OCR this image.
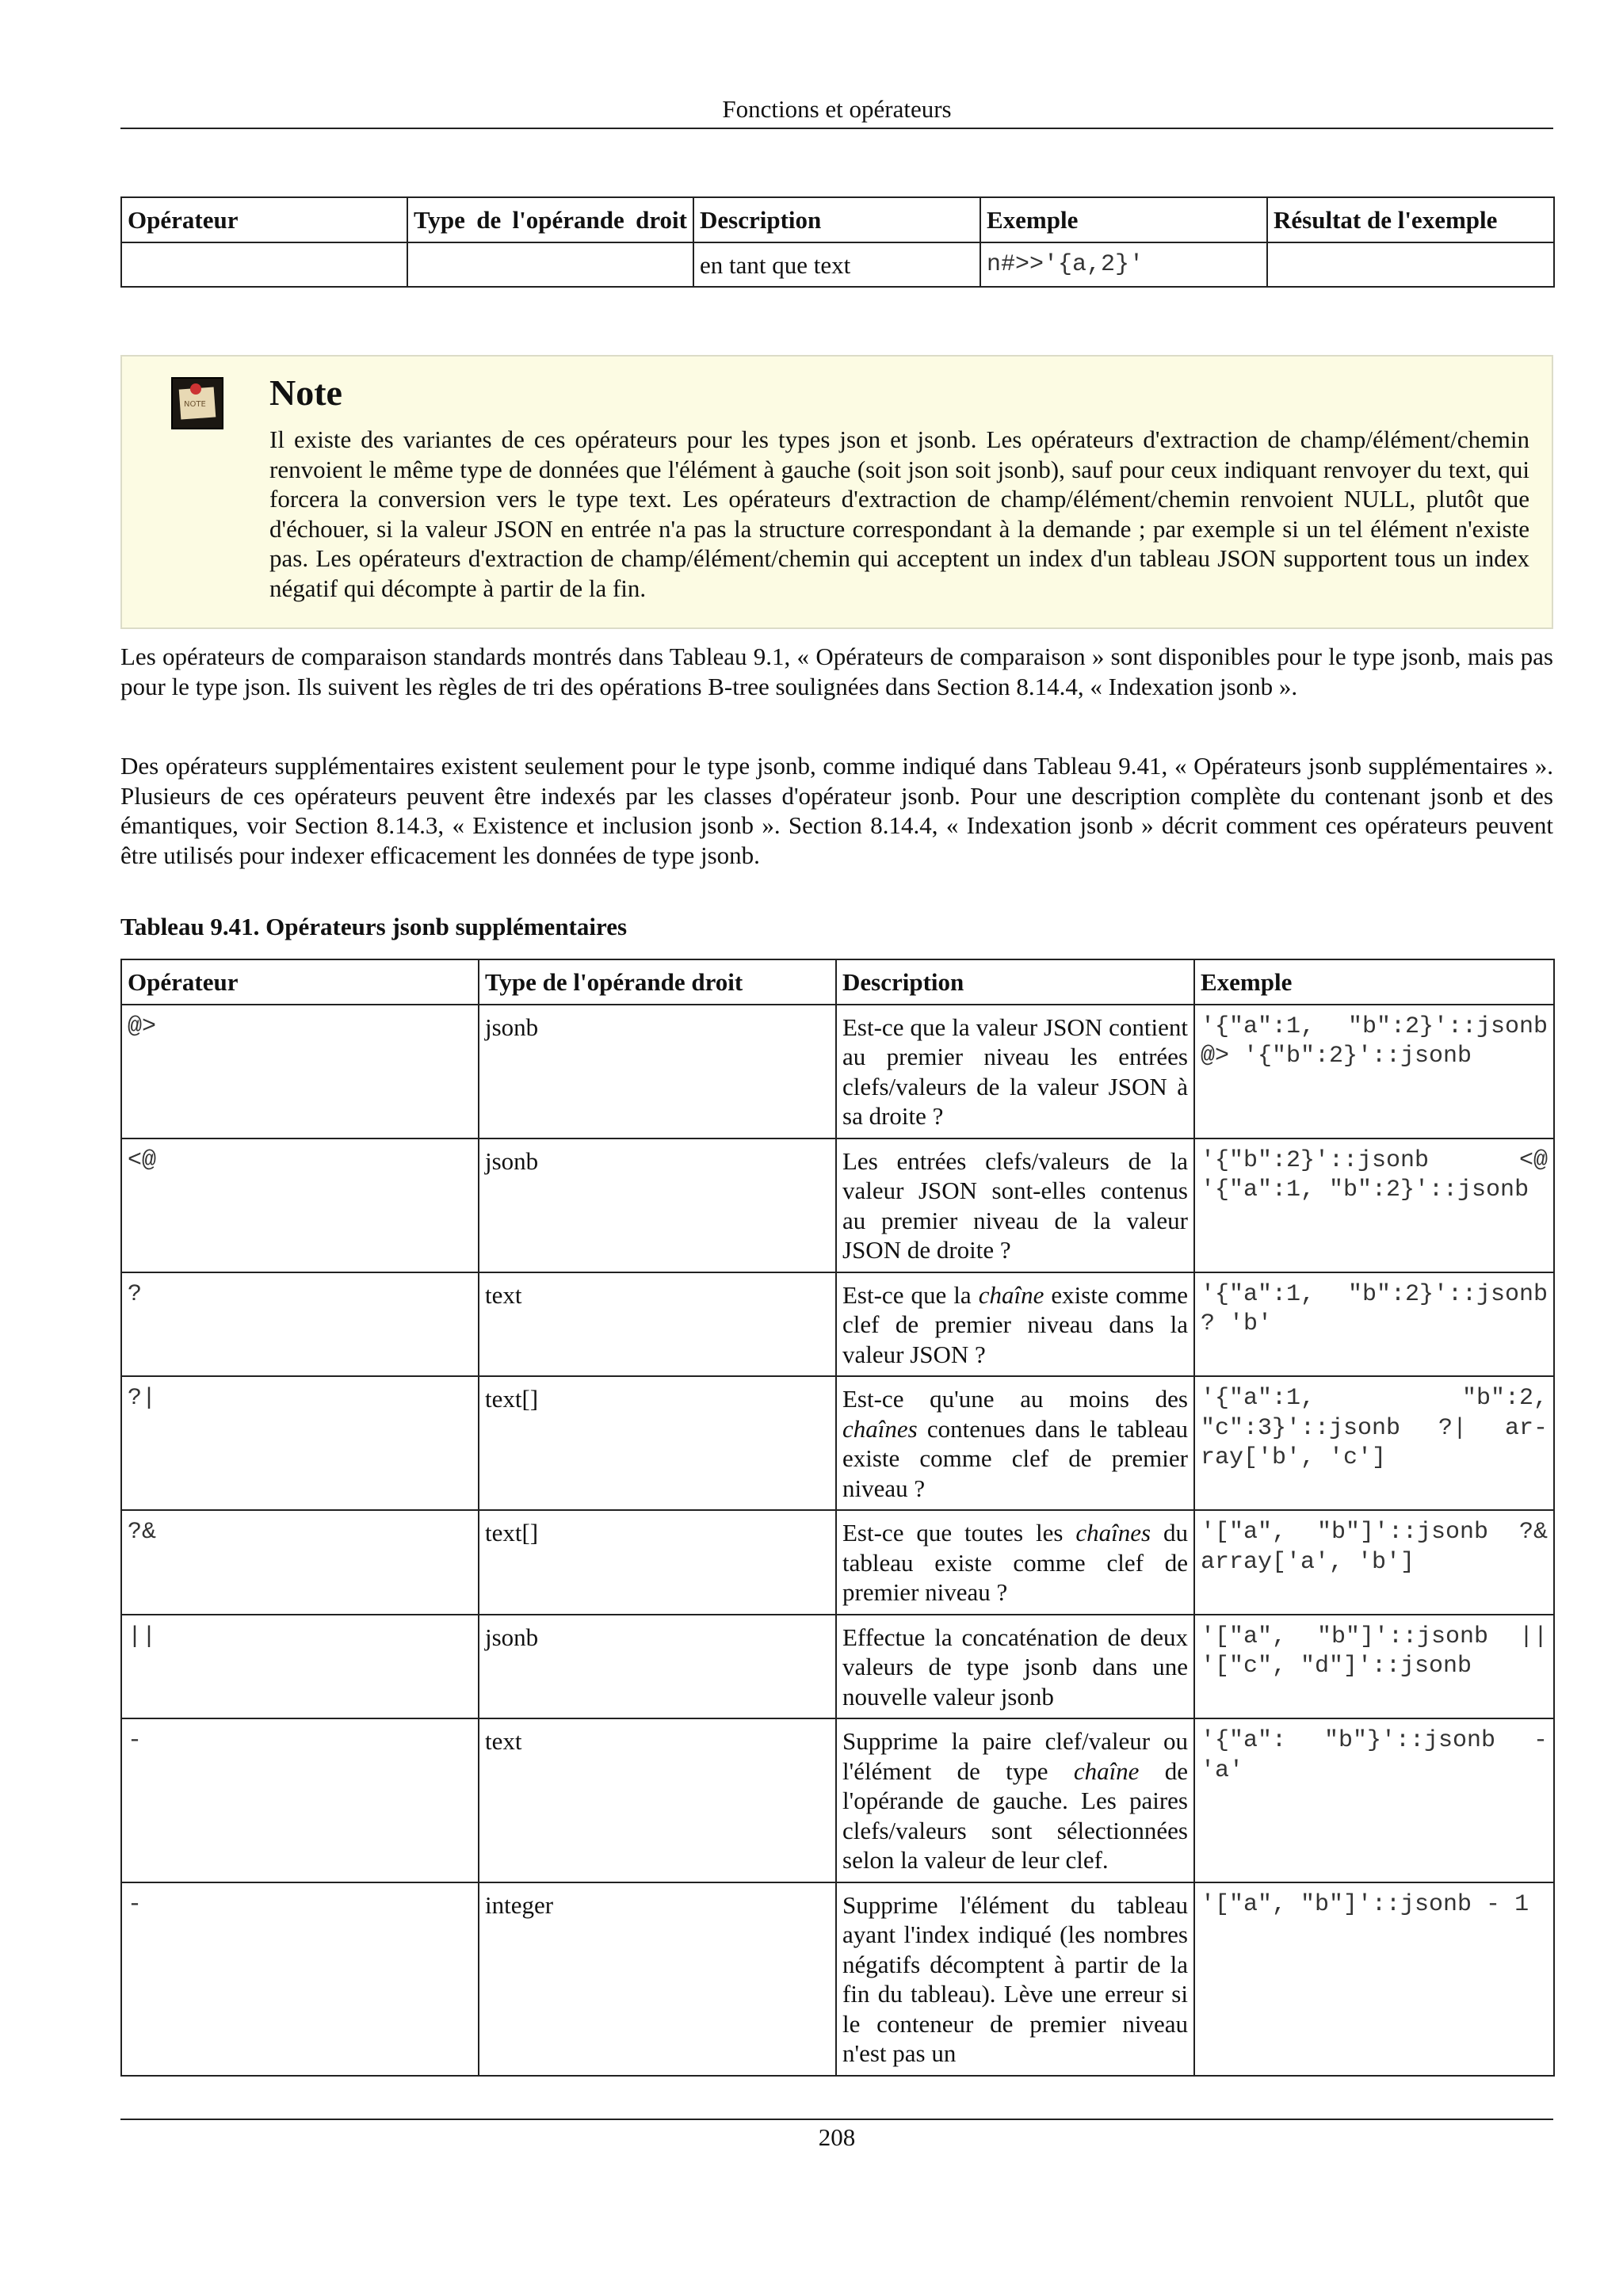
Fonctions et opérateurs
Opérateur	Type de l'opérande droit	Description	Exemple	Résultat de l'exemple
		en tant que text	n#>>'{a,2}'	
NOTE Note
Il existe des variantes de ces opérateurs pour les types json et jsonb. Les opérateurs d'extraction de champ/élément/chemin renvoient le même type de données que l'élément à gauche (soit json soit jsonb), sauf pour ceux indiquant renvoyer du text, qui forcera la conversion vers le type text. Les opérateurs d'extraction de champ/élément/chemin renvoient NULL, plutôt que d'échouer, si la valeur JSON en entrée n'a pas la structure correspondant à la demande ; par exemple si un tel élément n'existe pas. Les opérateurs d'extraction de champ/élément/chemin qui acceptent un index d'un tableau JSON supportent tous un index négatif qui décompte à partir de la fin.
Les opérateurs de comparaison standards montrés dans Tableau 9.1, « Opérateurs de comparaison » sont disponibles pour le type jsonb, mais pas pour le type json. Ils suivent les règles de tri des opérations B-tree soulignées dans Section 8.14.4, « Indexation jsonb ».
Des opérateurs supplémentaires existent seulement pour le type jsonb, comme indiqué dans Tableau 9.41, « Opérateurs jsonb supplémentaires ». Plusieurs de ces opérateurs peuvent être indexés par les classes d'opérateur jsonb. Pour une description complète du contenant jsonb et des émantiques, voir Section 8.14.3, « Existence et inclusion jsonb ». Section 8.14.4, « Indexation jsonb » décrit comment ces opérateurs peuvent être utilisés pour indexer efficacement les données de type jsonb.
Tableau 9.41. Opérateurs jsonb supplémentaires
Opérateur	Type de l'opérande droit	Description	Exemple
@>	jsonb	Est-ce que la valeur JSON contient au premier niveau les entrées clefs/valeurs de la valeur JSON à sa droite ?	'{"a":1, "b":2}'::jsonb @> '{"b":2}'::jsonb
<@	jsonb	Les entrées clefs/valeurs de la valeur JSON sont-elles contenus au premier niveau de la valeur JSON de droite ?	'{"b":2}'::jsonb <@ '{"a":1, "b":2}'::jsonb
?	text	Est-ce que la chaîne existe comme clef de premier niveau dans la valeur JSON ?	'{"a":1, "b":2}'::jsonb ? 'b'
?|	text[]	Est-ce qu'une au moins des chaînes contenues dans le tableau existe comme clef de premier niveau ?	'{"a":1, "b":2, "c":3}'::jsonb ?| array['b', 'c']
?&	text[]	Est-ce que toutes les chaînes du tableau existe comme clef de premier niveau ?	'["a", "b"]'::jsonb ?& array['a', 'b']
||	jsonb	Effectue la concaténation de deux valeurs de type jsonb dans une nouvelle valeur jsonb	'["a", "b"]'::jsonb || '["c", "d"]'::jsonb
-	text	Supprime la paire clef/valeur ou l'élément de type chaîne de l'opérande de gauche. Les paires clefs/valeurs sont sélectionnées selon la valeur de leur clef.	'{"a": "b"}'::jsonb - 'a'
-	integer	Supprime l'élément du tableau ayant l'index indiqué (les nombres négatifs décomptent à partir de la fin du tableau). Lève une erreur si le conteneur de premier niveau n'est pas un	'["a", "b"]'::jsonb - 1
208
